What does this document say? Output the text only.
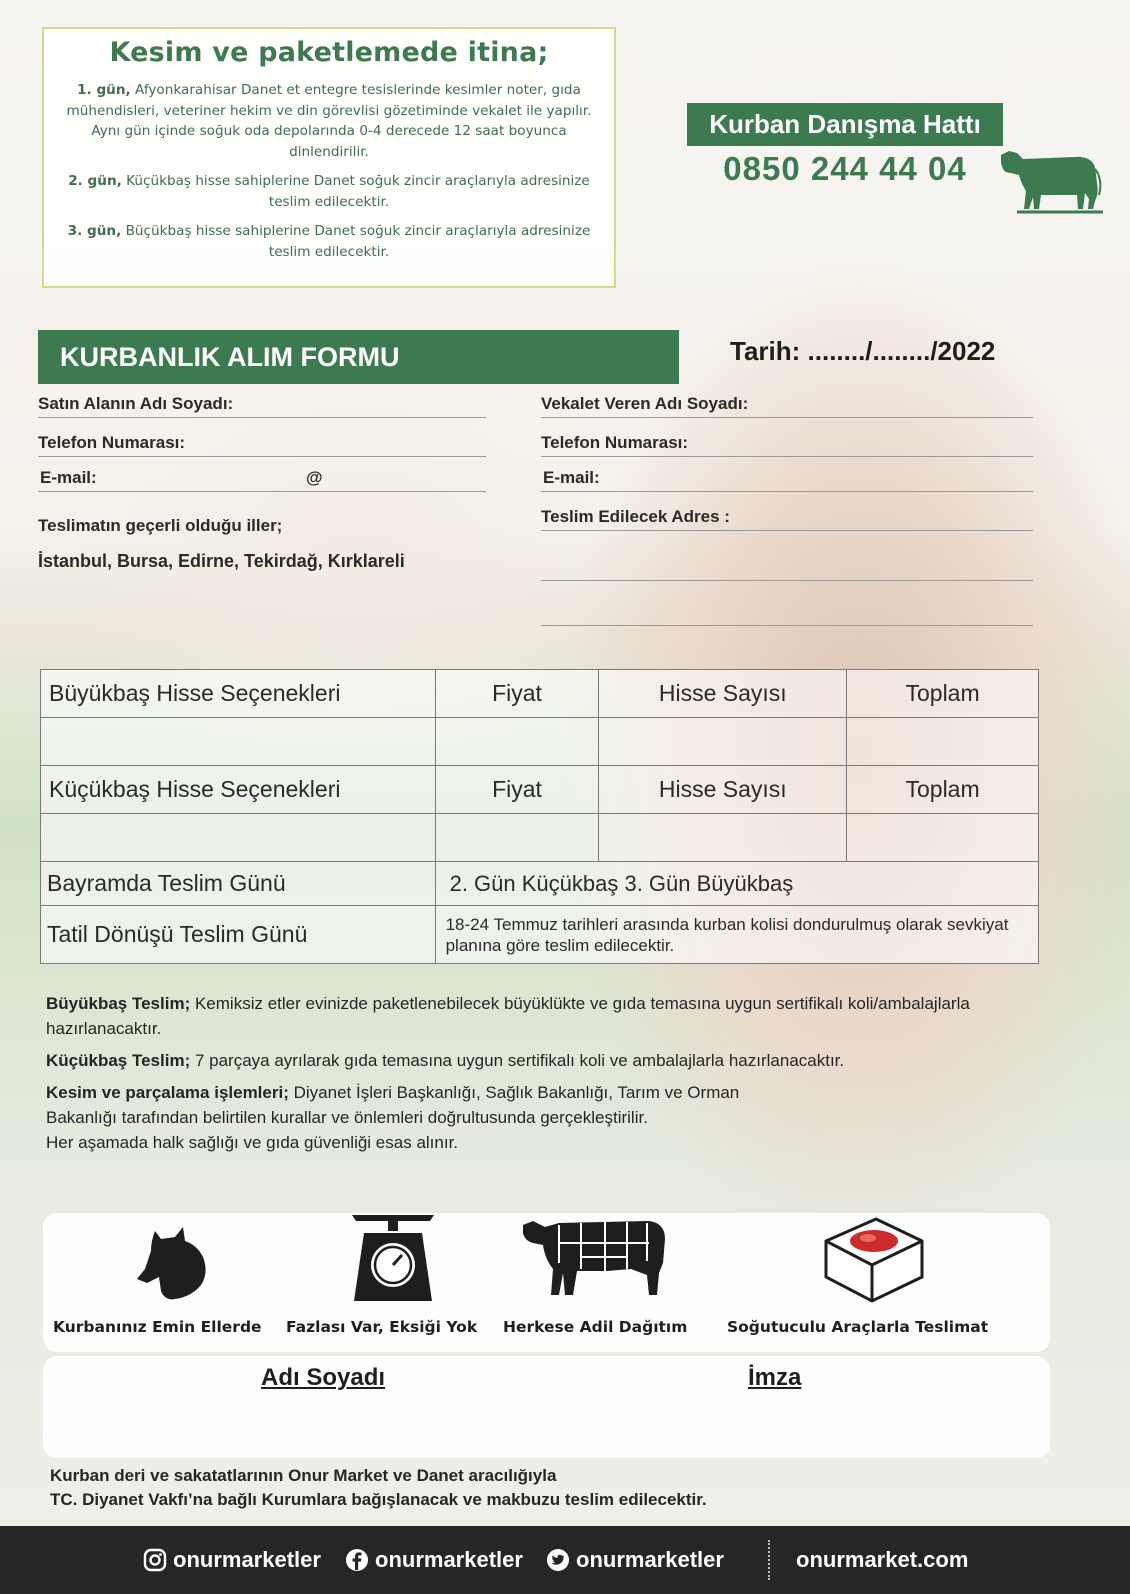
Kesim ve paketlemede itina;
1. gün, Afyonkarahisar Danet et entegre tesislerinde kesimler noter, gıda mühendisleri, veteriner hekim ve din görevlisi gözetiminde vekalet ile yapılır. Aynı gün içinde soğuk oda depolarında 0-4 derecede 12 saat boyunca dinlendirilir.
2. gün, Küçükbaş hisse sahiplerine Danet soğuk zincir araçlarıyla adresinize teslim edilecektir.
3. gün, Büçükbaş hisse sahiplerine Danet soğuk zincir araçlarıyla adresinize teslim edilecektir.
Kurban Danışma Hattı
0850 244 44 04
KURBANLIK ALIM FORMU	Tarih: ......../......../2022
Satın Alanın Adı Soyadı:
Telefon Numarası:
E-mail:	@
Teslimatın geçerli olduğu iller;
İstanbul, Bursa, Edirne, Tekirdağ, Kırklareli
Vekalet Veren Adı Soyadı:
Telefon Numarası:
E-mail:
Teslim Edilecek Adres :
Büyükbaş Hisse Seçenekleri	Fiyat	Hisse Sayısı	Toplam

Küçükbaş Hisse Seçenekleri	Fiyat	Hisse Sayısı	Toplam

Bayramda Teslim Günü	2. Gün Küçükbaş 3. Gün Büyükbaş		
Tatil Dönüşü Teslim Günü	18-24 Temmuz tarihleri arasında kurban kolisi dondurulmuş olarak sevkiyat planına göre teslim edilecektir.		

Büyükbaş Teslim; Kemiksiz etler evinizde paketlenebilecek büyüklükte ve gıda temasına uygun sertifikalı koli/ambalajlarla hazırlanacaktır.

Küçükbaş Teslim; 7 parçaya ayrılarak gıda temasına uygun sertifikalı koli ve ambalajlarla hazırlanacaktır.

Kesim ve parçalama işlemleri; Diyanet İşleri Başkanlığı, Sağlık Bakanlığı, Tarım ve Orman

Bakanlığı tarafından belirtilen kurallar ve önlemleri doğrultusunda gerçekleştirilir.
Her aşamada halk sağlığı ve gıda güvenliği esas alınır.
Kurbanınız Emin Ellerde Fazlası Var, Eksiği Yok Herkese Adil Dağıtım	Soğutuculu Araçlarla Teslimat
Adı Soyadı	İmza
Kurban deri ve sakatatlarının Onur Market ve Danet aracılığıyla
TC. Diyanet Vakfı’na bağlı Kurumlara bağışlanacak ve makbuzu teslim edilecektir.
onurmarketler	onurmarketler	onurmarketler	onurmarket.com
